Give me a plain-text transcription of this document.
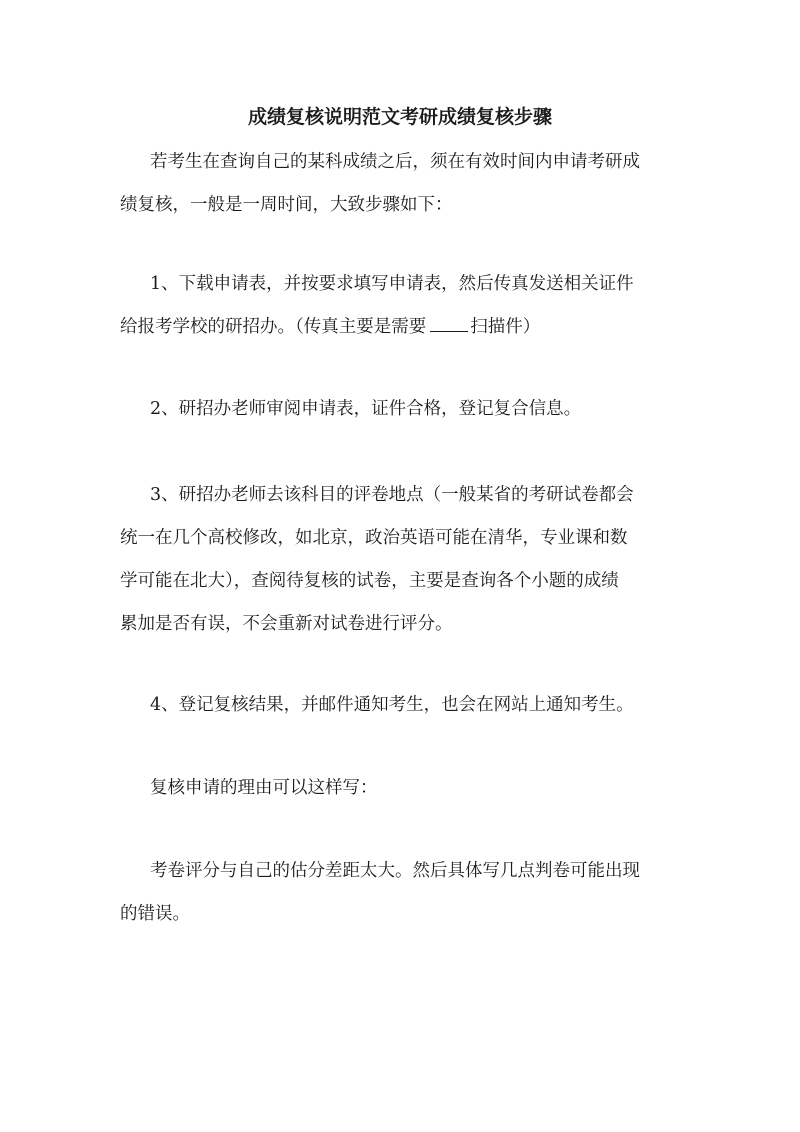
成绩复核说明范文考研成绩复核步骤

若考生在查询自己的某科成绩之后，须在有效时间内申请考研成
绩复核，一般是一周时间，大致步骤如下：

1、下载申请表，并按要求填写申请表，然后传真发送相关证件
给报考学校的研招办。（传真主要是需要	扫描件）

2、研招办老师审阅申请表，证件合格，登记复合信息。

3、研招办老师去该科目的评卷地点（一般某省的考研试卷都会
统一在几个高校修改，如北京，政治英语可能在清华，专业课和数
学可能在北大），查阅待复核的试卷，主要是查询各个小题的成绩
累加是否有误，不会重新对试卷进行评分。

4、登记复核结果，并邮件通知考生，也会在网站上通知考生。

复核申请的理由可以这样写：

考卷评分与自己的估分差距太大。然后具体写几点判卷可能出现
的错误。
